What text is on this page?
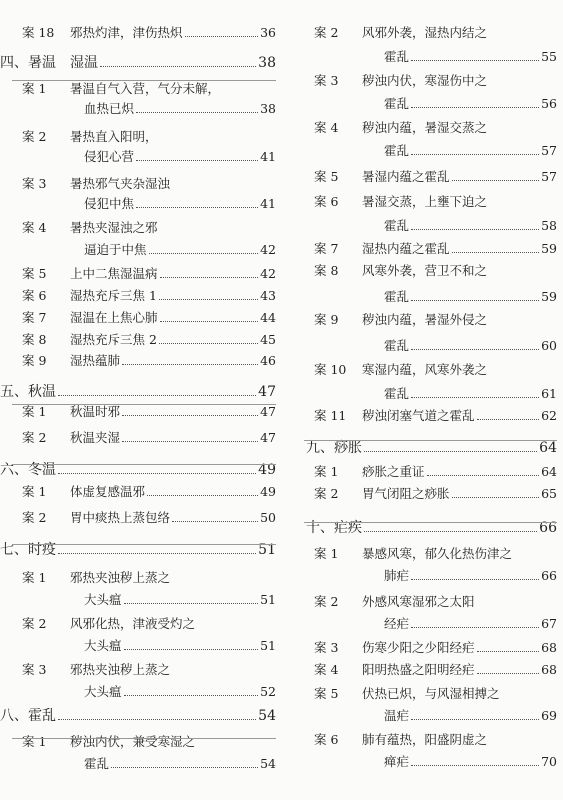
案 18	邪热灼津，津伤热炽	36
四、暑温　湿温	38
案 1	暑温自气入营，气分未解，
血热已炽	38
案 2	暑热直入阳明，
侵犯心营	41
案 3	暑热邪气夹杂湿浊
侵犯中焦	41
案 4	暑热夹湿浊之邪
逼迫于中焦	42
案 5	上中二焦湿温病	42
案 6	湿热充斥三焦 1	43
案 7	湿温在上焦心肺	44
案 8	湿热充斥三焦 2	45
案 9	湿热蕴肺	46
五、秋温	47
案 1	秋温时邪	47
案 2	秋温夹湿	47
六、冬温	49
案 1	体虚复感温邪	49
案 2	胃中痰热上蒸包络	50
七、时疫	51
案 1	邪热夹浊秽上蒸之
大头瘟	51
案 2	风邪化热，津液受灼之
大头瘟	51
案 3	邪热夹浊秽上蒸之
大头瘟	52
八、霍乱	54
案 1	秽浊内伏，兼受寒湿之
霍乱	54
案 2	风邪外袭，湿热内结之
霍乱	55
案 3	秽浊内伏，寒湿伤中之
霍乱	56
案 4	秽浊内蕴，暑湿交蒸之
霍乱	57
案 5	暑湿内蕴之霍乱	57
案 6	暑湿交蒸，上壅下迫之
霍乱	58
案 7	湿热内蕴之霍乱	59
案 8	风寒外袭，营卫不和之
霍乱	59
案 9	秽浊内蕴，暑湿外侵之
霍乱	60
案 10	寒湿内蕴，风寒外袭之
霍乱	61
案 11	秽浊闭塞气道之霍乱	62
九、痧胀	64
案 1	痧胀之重证	64
案 2	胃气闭阻之痧胀	65
十、疟疾	66
案 1	暴感风寒，郁久化热伤津之
肺疟	66
案 2	外感风寒湿邪之太阳
经疟	67
案 3	伤寒少阳之少阳经疟	68
案 4	阳明热盛之阳明经疟	68
案 5	伏热已炽，与风湿相搏之
温疟	69
案 6	肺有蕴热，阳盛阴虚之
瘅疟	70
